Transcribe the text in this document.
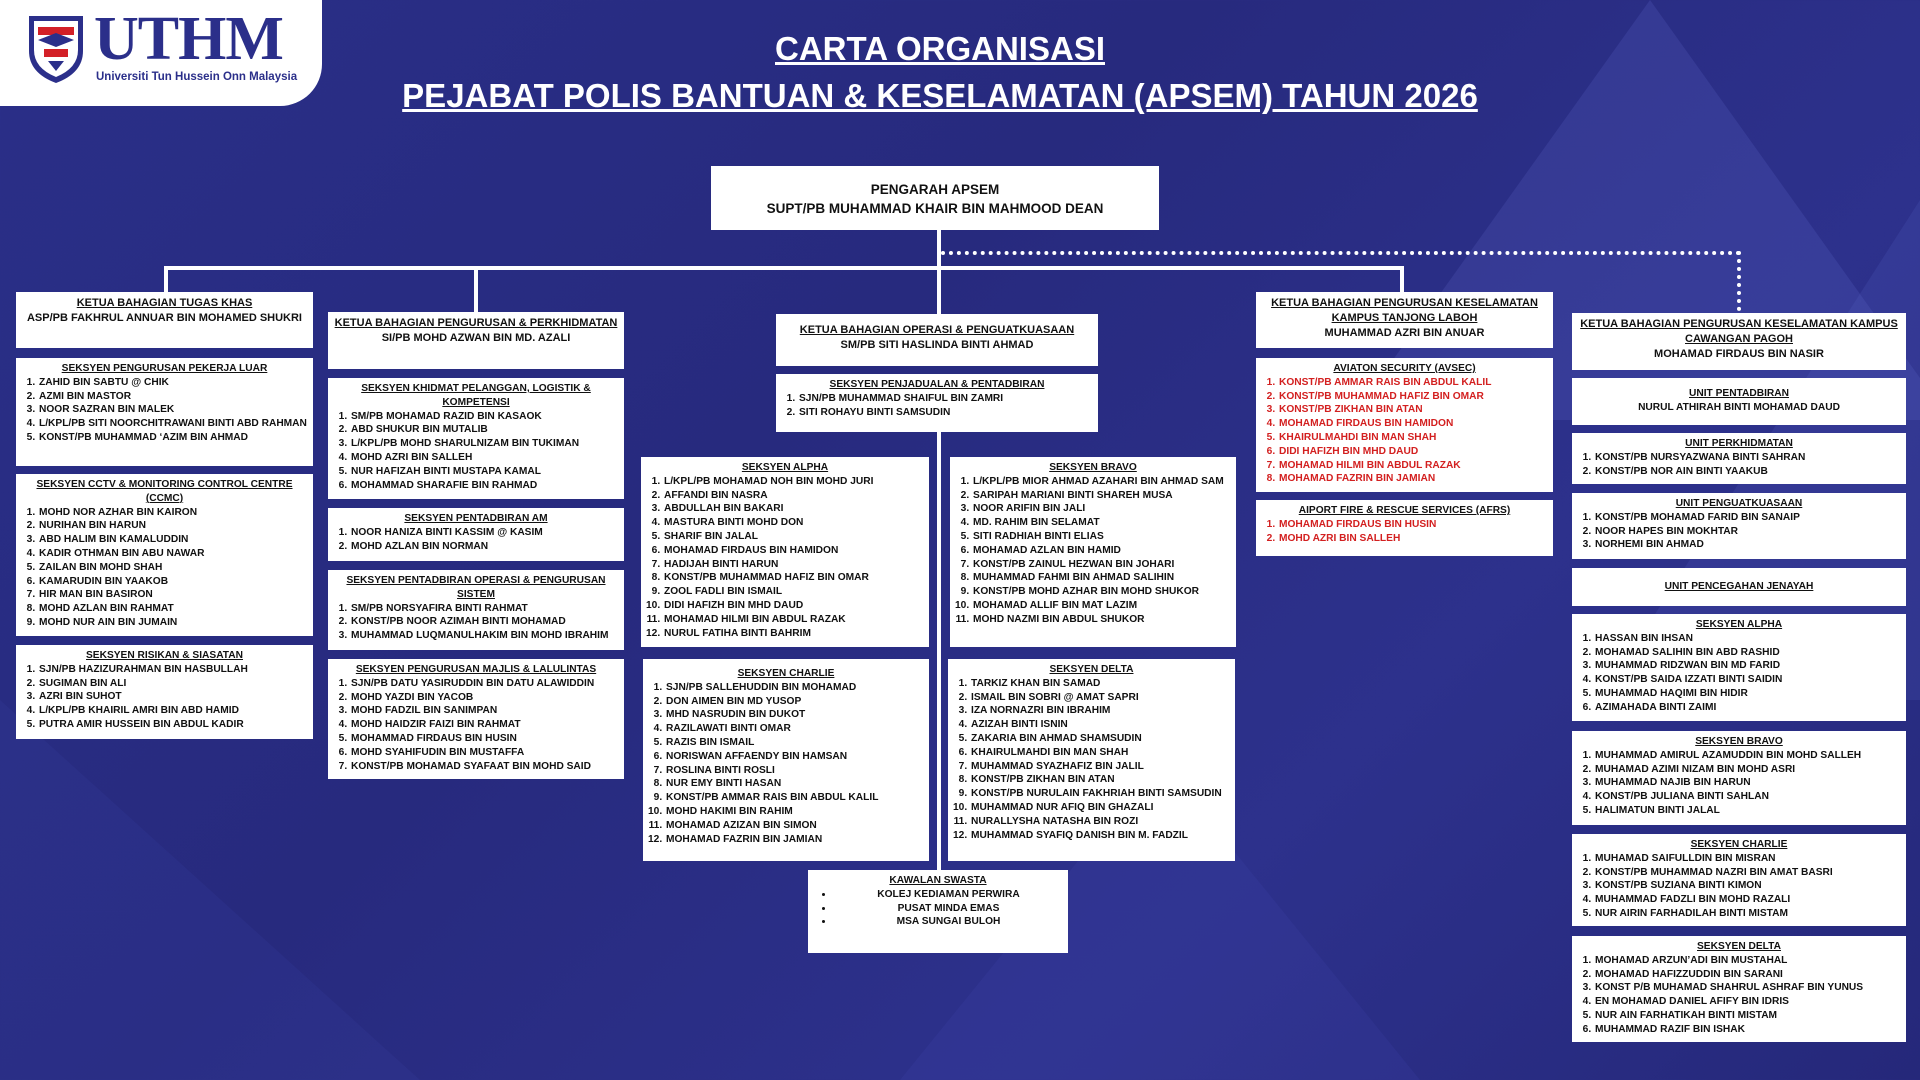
UTHM
Universiti Tun Hussein Onn Malaysia
CARTA ORGANISASI
PEJABAT POLIS BANTUAN & KESELAMATAN (APSEM) TAHUN 2026
PENGARAH APSEM
SUPT/PB MUHAMMAD KHAIR BIN MAHMOOD DEAN
KETUA BAHAGIAN TUGAS KHAS
ASP/PB FAKHRUL ANNUAR BIN MOHAMED SHUKRI
SEKSYEN PENGURUSAN PEKERJA LUAR
1. ZAHID BIN SABTU @ CHIK
2. AZMI BIN MASTOR
3. NOOR SAZRAN BIN MALEK
4. L/KPL/PB SITI NOORCHITRAWANI BINTI ABD RAHMAN
5. KONST/PB MUHAMMAD ‘AZIM BIN AHMAD
SEKSYEN CCTV & MONITORING CONTROL CENTRE (CCMC)
1. MOHD NOR AZHAR BIN KAIRON
2. NURIHAN BIN HARUN
3. ABD HALIM BIN KAMALUDDIN
4. KADIR OTHMAN BIN ABU NAWAR
5. ZAILAN BIN MOHD SHAH
6. KAMARUDIN BIN YAAKOB
7. HIR MAN BIN BASIRON
8. MOHD AZLAN BIN RAHMAT
9. MOHD NUR AIN BIN JUMAIN
SEKSYEN RISIKAN & SIASATAN
1. SJN/PB HAZIZURAHMAN BIN HASBULLAH
2. SUGIMAN BIN ALI
3. AZRI BIN SUHOT
4. L/KPL/PB KHAIRIL AMRI BIN ABD HAMID
5. PUTRA AMIR HUSSEIN BIN ABDUL KADIR
KETUA BAHAGIAN PENGURUSAN & PERKHIDMATAN
SI/PB MOHD AZWAN BIN MD. AZALI
SEKSYEN KHIDMAT PELANGGAN, LOGISTIK & KOMPETENSI
1. SM/PB MOHAMAD RAZID BIN KASAOK
2. ABD SHUKUR BIN MUTALIB
3. L/KPL/PB MOHD SHARULNIZAM BIN TUKIMAN
4. MOHD AZRI BIN SALLEH
5. NUR HAFIZAH BINTI MUSTAPA KAMAL
6. MOHAMMAD SHARAFIE BIN RAHMAD
SEKSYEN PENTADBIRAN AM
1. NOOR HANIZA BINTI KASSIM @ KASIM
2. MOHD AZLAN BIN NORMAN
SEKSYEN PENTADBIRAN OPERASI & PENGURUSAN SISTEM
1. SM/PB NORSYAFIRA BINTI RAHMAT
2. KONST/PB NOOR AZIMAH BINTI MOHAMAD
3. MUHAMMAD LUQMANULHAKIM BIN MOHD IBRAHIM
SEKSYEN PENGURUSAN MAJLIS & LALULINTAS
1. SJN/PB DATU YASIRUDDIN BIN DATU ALAWIDDIN
2. MOHD YAZDI BIN YACOB
3. MOHD FADZIL BIN SANIMPAN
4. MOHD HAIDZIR FAIZI BIN RAHMAT
5. MOHAMMAD FIRDAUS BIN HUSIN
6. MOHD SYAHIFUDIN BIN MUSTAFFA
7. KONST/PB MOHAMAD SYAFAAT BIN MOHD SAID
KETUA BAHAGIAN OPERASI & PENGUATKUASAAN
SM/PB SITI HASLINDA BINTI AHMAD
SEKSYEN PENJADUALAN & PENTADBIRAN
1. SJN/PB MUHAMMAD SHAIFUL BIN ZAMRI
2. SITI ROHAYU BINTI SAMSUDIN
SEKSYEN ALPHA
1. L/KPL/PB MOHAMAD NOH BIN MOHD JURI
2. AFFANDI BIN NASRA
3. ABDULLAH BIN BAKARI
4. MASTURA BINTI MOHD DON
5. SHARIF BIN JALAL
6. MOHAMAD FIRDAUS BIN HAMIDON
7. HADIJAH BINTI HARUN
8. KONST/PB MUHAMMAD HAFIZ BIN OMAR
9. ZOOL FADLI BIN ISMAIL
10. DIDI HAFIZH BIN MHD DAUD
11. MOHAMAD HILMI BIN ABDUL RAZAK
12. NURUL FATIHA BINTI BAHRIM
SEKSYEN BRAVO
1. L/KPL/PB MIOR AHMAD AZAHARI BIN AHMAD SAM
2. SARIPAH MARIANI BINTI SHAREH MUSA
3. NOOR ARIFIN BIN JALI
4. MD. RAHIM BIN SELAMAT
5. SITI RADHIAH BINTI ELIAS
6. MOHAMAD AZLAN BIN HAMID
7. KONST/PB ZAINUL HEZWAN BIN JOHARI
8. MUHAMMAD FAHMI BIN AHMAD SALIHIN
9. KONST/PB MOHD AZHAR BIN MOHD SHUKOR
10. MOHAMAD ALLIF BIN MAT LAZIM
11. MOHD NAZMI BIN ABDUL SHUKOR
SEKSYEN CHARLIE
1. SJN/PB SALLEHUDDIN BIN MOHAMAD
2. DON AIMEN BIN MD YUSOP
3. MHD NASRUDIN BIN DUKOT
4. RAZILAWATI BINTI OMAR
5. RAZIS BIN ISMAIL
6. NORISWAN AFFAENDY BIN HAMSAN
7. ROSLINA BINTI ROSLI
8. NUR EMY BINTI HASAN
9. KONST/PB AMMAR RAIS BIN ABDUL KALIL
10. MOHD HAKIMI BIN RAHIM
11. MOHAMAD AZIZAN BIN SIMON
12. MOHAMAD FAZRIN BIN JAMIAN
SEKSYEN DELTA
1. TARKIZ KHAN BIN SAMAD
2. ISMAIL BIN SOBRI @ AMAT SAPRI
3. IZA NORNAZRI BIN IBRAHIM
4. AZIZAH BINTI ISNIN
5. ZAKARIA BIN AHMAD SHAMSUDIN
6. KHAIRULMAHDI BIN MAN SHAH
7. MUHAMMAD SYAZHAFIZ BIN JALIL
8. KONST/PB ZIKHAN BIN ATAN
9. KONST/PB NURULAIN FAKHRIAH BINTI SAMSUDIN
10. MUHAMMAD NUR AFIQ BIN GHAZALI
11. NURALLYSHA NATASHA BIN ROZI
12. MUHAMMAD SYAFIQ DANISH BIN M. FADZIL
KAWALAN SWASTA
• KOLEJ KEDIAMAN PERWIRA
• PUSAT MINDA EMAS
• MSA SUNGAI BULOH
KETUA BAHAGIAN PENGURUSAN KESELAMATAN KAMPUS TANJONG LABOH
MUHAMMAD AZRI BIN ANUAR
AVIATON SECURITY (AVSEC)
1. KONST/PB AMMAR RAIS BIN ABDUL KALIL
2. KONST/PB MUHAMMAD HAFIZ BIN OMAR
3. KONST/PB ZIKHAN BIN ATAN
4. MOHAMAD FIRDAUS BIN HAMIDON
5. KHAIRULMAHDI BIN MAN SHAH
6. DIDI HAFIZH BIN MHD DAUD
7. MOHAMAD HILMI BIN ABDUL RAZAK
8. MOHAMAD FAZRIN BIN JAMIAN
AIPORT FIRE & RESCUE SERVICES (AFRS)
1. MOHAMAD FIRDAUS BIN HUSIN
2. MOHD AZRI BIN SALLEH
KETUA BAHAGIAN PENGURUSAN KESELAMATAN KAMPUS CAWANGAN PAGOH
MOHAMAD FIRDAUS BIN NASIR
UNIT PENTADBIRAN
NURUL ATHIRAH BINTI MOHAMAD DAUD
UNIT PERKHIDMATAN
1. KONST/PB NURSYAZWANA BINTI SAHRAN
2. KONST/PB NOR AIN BINTI YAAKUB
UNIT PENGUATKUASAAN
1. KONST/PB MOHAMAD FARID BIN SANAIP
2. NOOR HAPES BIN MOKHTAR
3. NORHEMI BIN AHMAD
UNIT PENCEGAHAN JENAYAH
SEKSYEN ALPHA
1. HASSAN BIN IHSAN
2. MOHAMAD SALIHIN BIN ABD RASHID
3. MUHAMMAD RIDZWAN BIN MD FARID
4. KONST/PB SAIDA IZZATI BINTI SAIDIN
5. MUHAMMAD HAQIMI BIN HIDIR
6. AZIMAHADA BINTI ZAIMI
SEKSYEN BRAVO
1. MUHAMMAD AMIRUL AZAMUDDIN BIN MOHD SALLEH
2. MUHAMAD AZIMI NIZAM BIN MOHD ASRI
3. MUHAMMAD NAJIB BIN HARUN
4. KONST/PB JULIANA BINTI SAHLAN
5. HALIMATUN BINTI JALAL
SEKSYEN CHARLIE
1. MUHAMAD SAIFULLDIN BIN MISRAN
2. KONST/PB MUHAMMAD NAZRI BIN AMAT BASRI
3. KONST/PB SUZIANA BINTI KIMON
4. MUHAMMAD FADZLI BIN MOHD RAZALI
5. NUR AIRIN FARHADILAH BINTI MISTAM
SEKSYEN DELTA
1. MOHAMAD ARZUN’ADI BIN MUSTAHAL
2. MOHAMAD HAFIZZUDDIN BIN SARANI
3. KONST P/B MUHAMAD SHAHRUL ASHRAF BIN YUNUS
4. EN MOHAMAD DANIEL AFIFY BIN IDRIS
5. NUR AIN FARHATIKAH BINTI MISTAM
6. MUHAMMAD RAZIF BIN ISHAK
